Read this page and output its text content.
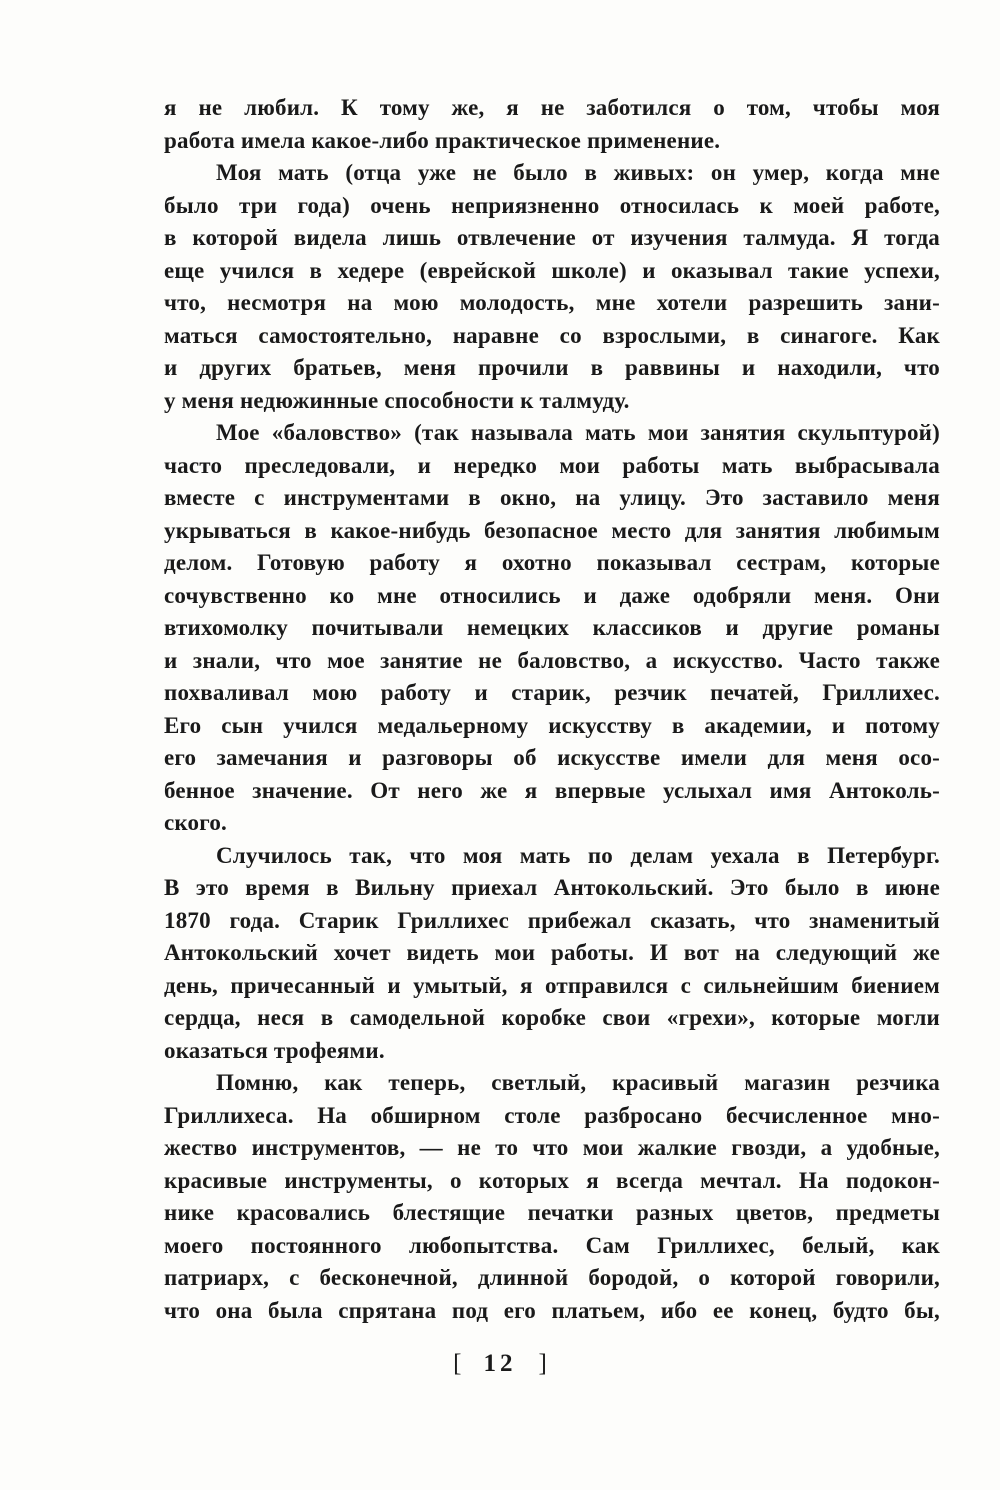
я не любил. К тому же, я не заботился о том, чтобы моя
работа имела какое-либо практическое применение.
Моя мать (отца уже не было в живых: он умер, когда мне
было три года) очень неприязненно относилась к моей работе,
в которой видела лишь отвлечение от изучения талмуда. Я тогда
еще учился в хедере (еврейской школе) и оказывал такие успехи,
что, несмотря на мою молодость, мне хотели разрешить зани-
маться самостоятельно, наравне со взрослыми, в синагоге. Как
и других братьев, меня прочили в раввины и находили, что
у меня недюжинные способности к талмуду.
Мое «баловство» (так называла мать мои занятия скульптурой)
часто преследовали, и нередко мои работы мать выбрасывала
вместе с инструментами в окно, на улицу. Это заставило меня
укрываться в какое-нибудь безопасное место для занятия любимым
делом. Готовую работу я охотно показывал сестрам, которые
сочувственно ко мне относились и даже одобряли меня. Они
втихомолку почитывали немецких классиков и другие романы
и знали, что мое занятие не баловство, а искусство. Часто также
похваливал мою работу и старик, резчик печатей, Гриллихес.
Его сын учился медальерному искусству в академии, и потому
его замечания и разговоры об искусстве имели для меня осо-
бенное значение. От него же я впервые услыхал имя Антоколь-
ского.
Случилось так, что моя мать по делам уехала в Петербург.
В это время в Вильну приехал Антокольский. Это было в июне
1870 года. Старик Гриллихес прибежал сказать, что знаменитый
Антокольский хочет видеть мои работы. И вот на следующий же
день, причесанный и умытый, я отправился с сильнейшим биением
сердца, неся в самодельной коробке свои «грехи», которые могли
оказаться трофеями.
Помню, как теперь, светлый, красивый магазин резчика
Гриллихеса. На обширном столе разбросано бесчисленное мно-
жество инструментов, — не то что мои жалкие гвозди, а удобные,
красивые инструменты, о которых я всегда мечтал. На подокон-
нике красовались блестящие печатки разных цветов, предметы
моего постоянного любопытства. Сам Гриллихес, белый, как
патриарх, с бесконечной, длинной бородой, о которой говорили,
что она была спрятана под его платьем, ибо ее конец, будто бы,
[ 12 ]
